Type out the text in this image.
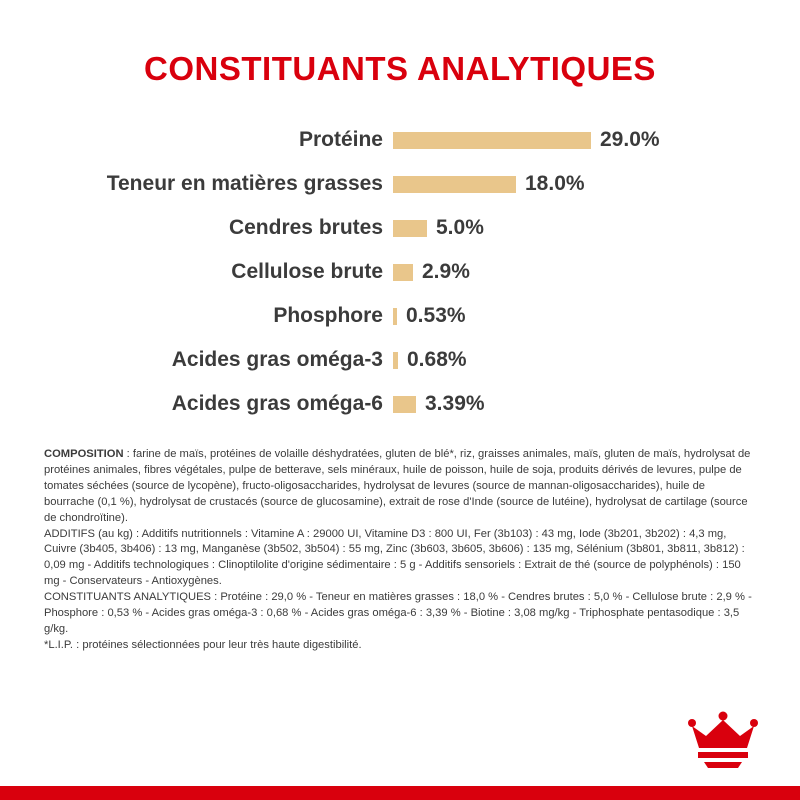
CONSTITUANTS ANALYTIQUES
Protéine	29.0%
Teneur en matières grasses	18.0%
Cendres brutes	5.0%
Cellulose brute	2.9%
Phosphore	0.53%
Acides gras oméga-3	0.68%
Acides gras oméga-6	3.39%

COMPOSITION : farine de maïs, protéines de volaille déshydratées, gluten de blé*, riz, graisses animales, maïs, gluten de maïs, hydrolysat de protéines animales, fibres végétales, pulpe de betterave, sels minéraux, huile de poisson, huile de soja, produits dérivés de levures, pulpe de tomates séchées (source de lycopène), fructo-oligosaccharides, hydrolysat de levures (source de mannan-oligosaccharides), huile de bourrache (0,1 %), hydrolysat de crustacés (source de glucosamine), extrait de rose d'Inde (source de lutéine), hydrolysat de cartilage (source de chondroïtine).

ADDITIFS (au kg) : Additifs nutritionnels : Vitamine A : 29000 UI, Vitamine D3 : 800 UI, Fer (3b103) : 43 mg, Iode (3b201, 3b202) : 4,3 mg, Cuivre (3b405, 3b406) : 13 mg, Manganèse (3b502, 3b504) : 55 mg, Zinc (3b603, 3b605, 3b606) : 135 mg, Sélénium (3b801, 3b811, 3b812) : 0,09 mg - Additifs technologiques : Clinoptilolite d'origine sédimentaire : 5 g - Additifs sensoriels : Extrait de thé (source de polyphénols) : 150 mg - Conservateurs - Antioxygènes.

CONSTITUANTS ANALYTIQUES : Protéine : 29,0 % - Teneur en matières grasses : 18,0 % - Cendres brutes : 5,0 % - Cellulose brute : 2,9 % - Phosphore : 0,53 % - Acides gras oméga-3 : 0,68 % - Acides gras oméga-6 : 3,39 % - Biotine : 3,08 mg/kg - Triphosphate pentasodique : 3,5 g/kg.

*L.I.P. : protéines sélectionnées pour leur très haute digestibilité.
